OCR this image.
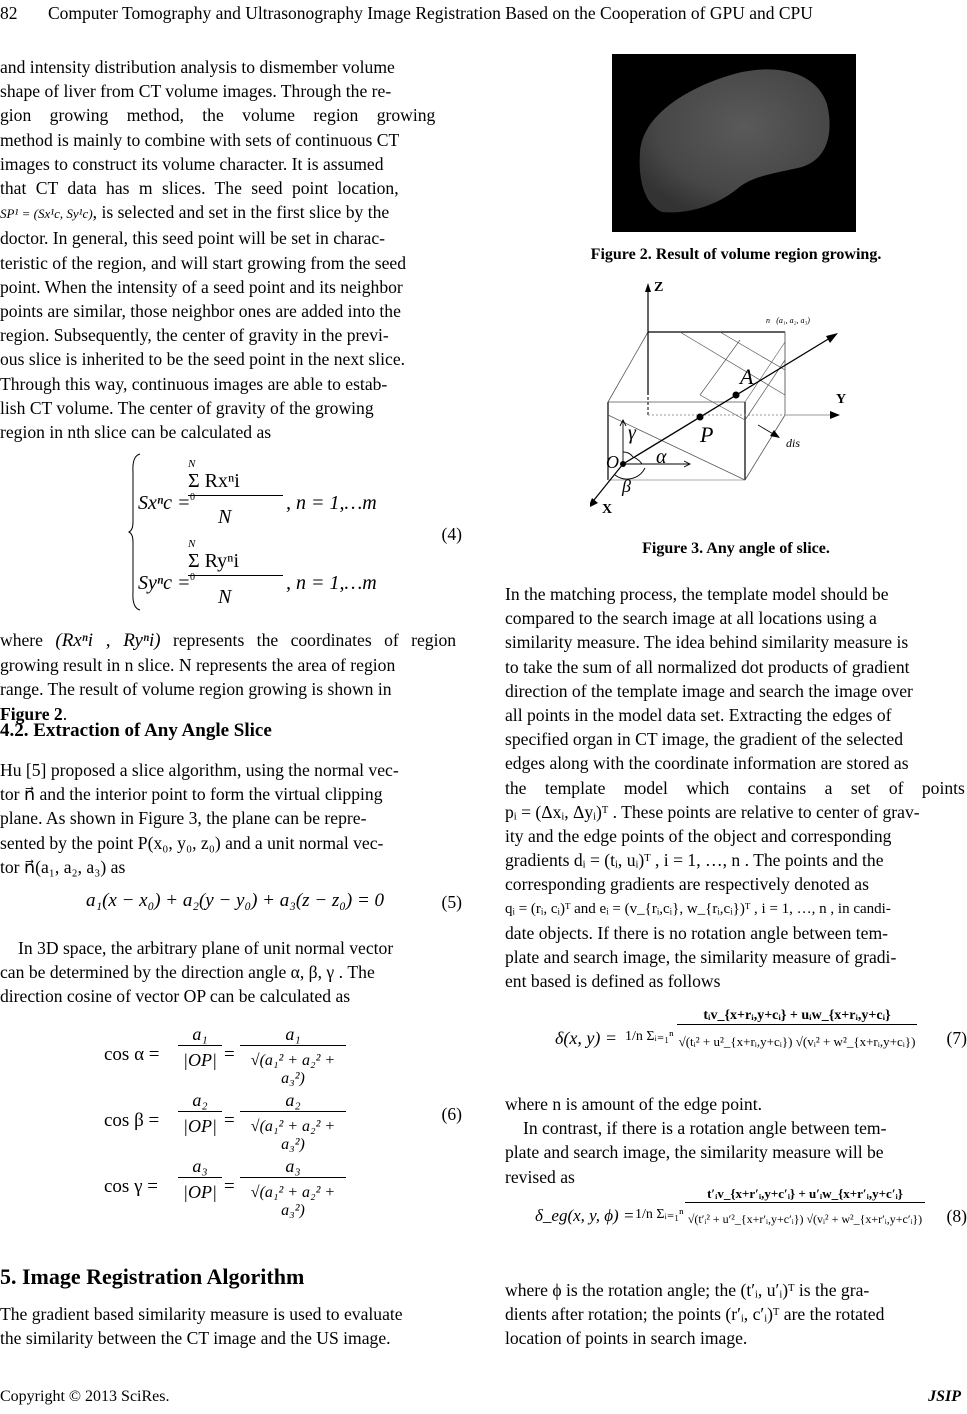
82 Computer Tomography and Ultrasonography Image Registration Based on the Cooperation of GPU and CPU

and intensity distribution analysis to dismember volume

shape of liver from CT volume images. Through the re-

gion growing method, the volume region growing

method is mainly to combine with sets of continuous CT

images to construct its volume character. It is assumed

that CT data has m slices. The seed point location,

SP¹ = (Sx¹c, Sy¹c), is selected and set in the first slice by the

doctor. In general, this seed point will be set in charac-

teristic of the region, and will start growing from the seed

point. When the intensity of a seed point and its neighbor

points are similar, those neighbor ones are added into the

region. Subsequently, the center of gravity in the previ-

ous slice is inherited to be the seed point in the next slice.

Through this way, continuous images are able to estab-

lish CT volume. The center of gravity of the growing

region in nth slice can be calculated as

N
Sxⁿc =
Σ Rxⁿi
0
N
, n = 1,…m
N
Syⁿc =
Σ Ryⁿi
0
N
, n = 1,…m
(4)

where (Rxⁿi , Ryⁿi) represents the coordinates of region

growing result in n slice. N represents the area of region

range. The result of volume region growing is shown in

Figure 2.

4.2. Extraction of Any Angle Slice

Hu [5] proposed a slice algorithm, using the normal vec-

tor n⃗ and the interior point to form the virtual clipping

plane. As shown in Figure 3, the plane can be repre-

sented by the point P(x₀, y₀, z₀) and a unit normal vec-

tor n⃗(a₁, a₂, a₃) as

a₁(x − x₀) + a₂(y − y₀) + a₃(z − z₀) = 0	(5)

In 3D space, the arbitrary plane of unit normal vector

can be determined by the direction angle α, β, γ . The

direction cosine of vector OP can be calculated as

cos α =
a₁
|OP| =
a₁
√(a₁² + a₂² + a₃²)
cos β =
a₂
|OP| =
a₂
√(a₁² + a₂² + a₃²)
cos γ =
a₃
|OP| =
a₃
√(a₁² + a₂² + a₃²)
(6)
5. Image Registration Algorithm

The gradient based similarity measure is used to evaluate

the similarity between the CT image and the US image.

Figure 2. Result of volume region growing.
Z
n⃗(a₁, a₂, a₃)
A
P
Y
dis
γ
α
O
β
X
Figure 3. Any angle of slice.

In the matching process, the template model should be

compared to the search image at all locations using a

similarity measure. The idea behind similarity measure is

to take the sum of all normalized dot products of gradient

direction of the template image and search the image over

all points in the model data set. Extracting the edges of

specified organ in CT image, the gradient of the selected

edges along with the coordinate information are stored as

the template model which contains a set of points

pᵢ = (Δxᵢ, Δyᵢ)ᵀ . These points are relative to center of grav-

ity and the edge points of the object and corresponding

gradients dᵢ = (tᵢ, uᵢ)ᵀ , i = 1, …, n . The points and the

corresponding gradients are respectively denoted as

qᵢ = (rᵢ, cᵢ)ᵀ and eᵢ = (v_{rᵢ,cᵢ}, w_{rᵢ,cᵢ})ᵀ , i = 1, …, n , in candi-

date objects. If there is no rotation angle between tem-

plate and search image, the similarity measure of gradi-

ent based is defined as follows

δ(x, y) = 1/n Σᵢ₌₁ⁿ
tᵢv_{x+rᵢ,y+cᵢ} + uᵢw_{x+rᵢ,y+cᵢ}
√(tᵢ² + u²_{x+rᵢ,y+cᵢ}) √(vᵢ² + w²_{x+rᵢ,y+cᵢ}) (7)

where n is amount of the edge point.

In contrast, if there is a rotation angle between tem-

plate and search image, the similarity measure will be

revised as

δ_eg(x, y, ϕ) = 1/n Σᵢ₌₁ⁿ
t′ᵢv_{x+r′ᵢ,y+c′ᵢ} + u′ᵢw_{x+r′ᵢ,y+c′ᵢ}
√(t′ᵢ² + u′²_{x+r′ᵢ,y+c′ᵢ}) √(vᵢ² + w²_{x+r′ᵢ,y+c′ᵢ}) (8)

where ϕ is the rotation angle; the (t′ᵢ, u′ᵢ)ᵀ is the gra-

dients after rotation; the points (r′ᵢ, c′ᵢ)ᵀ are the rotated

location of points in search image.

Copyright © 2013 SciRes.	JSIP
